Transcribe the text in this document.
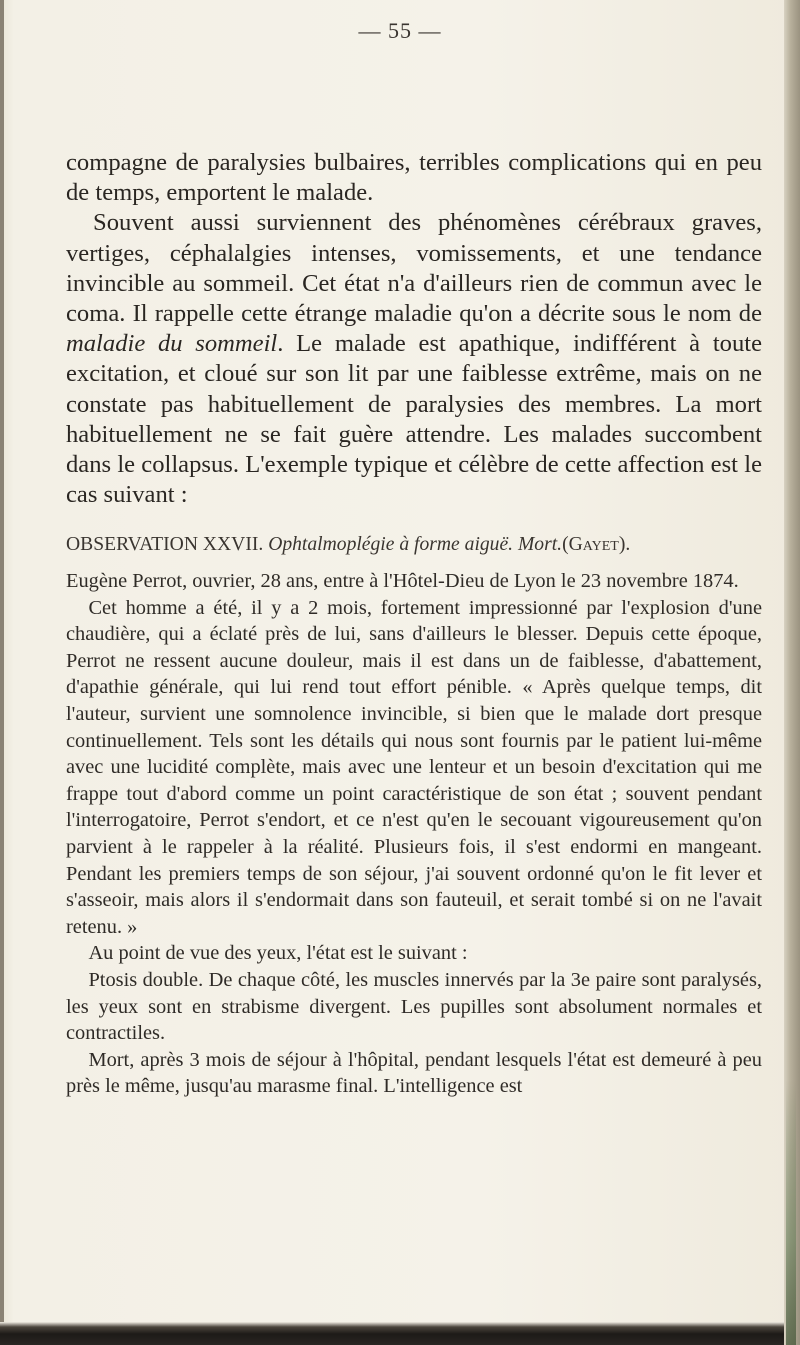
— 55 —

compagne de paralysies bulbaires, terribles complications qui en peu de temps, emportent le malade.

Souvent aussi surviennent des phénomènes cérébraux graves, vertiges, céphalalgies intenses, vomissements, et une tendance invincible au sommeil. Cet état n'a d'ailleurs rien de commun avec le coma. Il rappelle cette étrange maladie qu'on a décrite sous le nom de maladie du sommeil. Le malade est apathique, indifférent à toute excitation, et cloué sur son lit par une faiblesse extrême, mais on ne constate pas habituellement de paralysies des membres. La mort habituellement ne se fait guère attendre. Les malades succombent dans le collapsus. L'exemple typique et célèbre de cette affection est le cas suivant :

OBSERVATION XXVII. Ophtalmoplégie à forme aiguë. Mort.(Gayet).

Eugène Perrot, ouvrier, 28 ans, entre à l'Hôtel-Dieu de Lyon le 23 novembre 1874.

Cet homme a été, il y a 2 mois, fortement impressionné par l'explosion d'une chaudière, qui a éclaté près de lui, sans d'ailleurs le blesser. Depuis cette époque, Perrot ne ressent aucune douleur, mais il est dans un de faiblesse, d'abattement, d'apathie générale, qui lui rend tout effort pénible. « Après quelque temps, dit l'auteur, survient une somnolence invincible, si bien que le malade dort presque continuellement. Tels sont les détails qui nous sont fournis par le patient lui-même avec une lucidité complète, mais avec une lenteur et un besoin d'excitation qui me frappe tout d'abord comme un point caractéristique de son état ; souvent pendant l'interrogatoire, Perrot s'endort, et ce n'est qu'en le secouant vigoureusement qu'on parvient à le rappeler à la réalité. Plusieurs fois, il s'est endormi en mangeant. Pendant les premiers temps de son séjour, j'ai souvent ordonné qu'on le fit lever et s'asseoir, mais alors il s'endormait dans son fauteuil, et serait tombé si on ne l'avait retenu. »

Au point de vue des yeux, l'état est le suivant :

Ptosis double. De chaque côté, les muscles innervés par la 3e paire sont paralysés, les yeux sont en strabisme divergent. Les pupilles sont absolument normales et contractiles.

Mort, après 3 mois de séjour à l'hôpital, pendant lesquels l'état est demeuré à peu près le même, jusqu'au marasme final. L'intelligence est
